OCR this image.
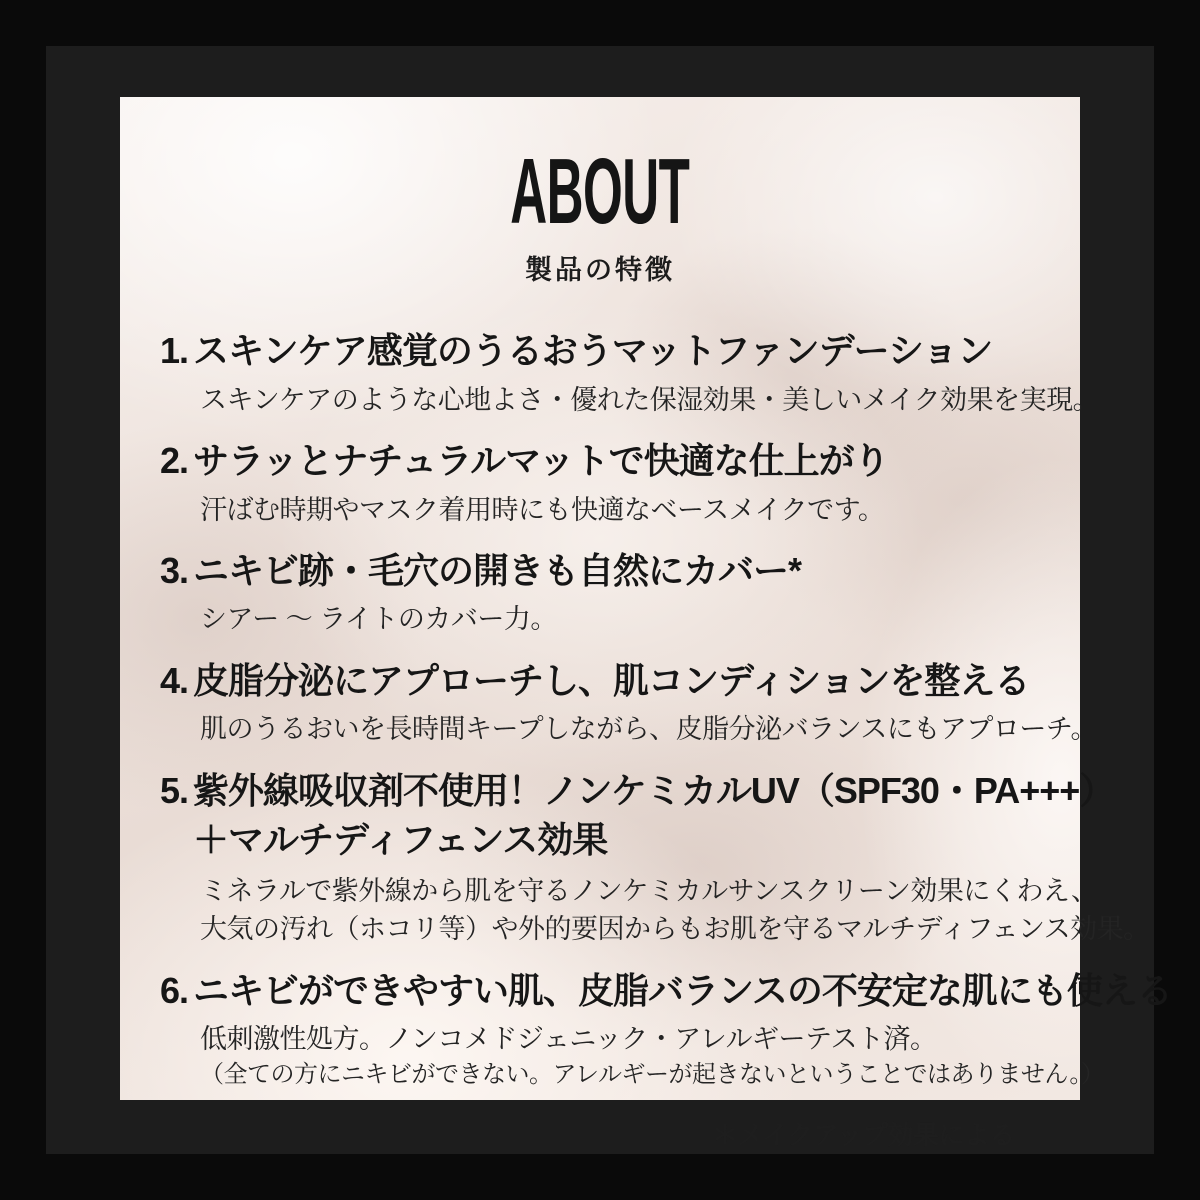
ABOUT
製品の特徴
1. スキンケア感覚のうるおうマットファンデーション
スキンケアのような心地よさ・優れた保湿効果・美しいメイク効果を実現。
2. サラッとナチュラルマットで快適な仕上がり
汗ばむ時期やマスク着用時にも快適なベースメイクです。
3. ニキビ跡・毛穴の開きも自然にカバー*
シアー ～ ライトのカバー力。
4. 皮脂分泌にアプローチし、肌コンディションを整える
肌のうるおいを長時間キープしながら、皮脂分泌バランスにもアプローチ。
5. 紫外線吸収剤不使用！ノンケミカルUV（SPF30・PA+++）
＋マルチディフェンス効果
ミネラルで紫外線から肌を守るノンケミカルサンスクリーン効果にくわえ、
大気の汚れ（ホコリ等）や外的要因からもお肌を守るマルチディフェンス効果。
6. ニキビができやすい肌、皮脂バランスの不安定な肌にも使える
低刺激性処方。ノンコメドジェニック・アレルギーテスト済。
（全ての方にニキビができない。アレルギーが起きないということではありません。）
＊メイクアップ効果による
